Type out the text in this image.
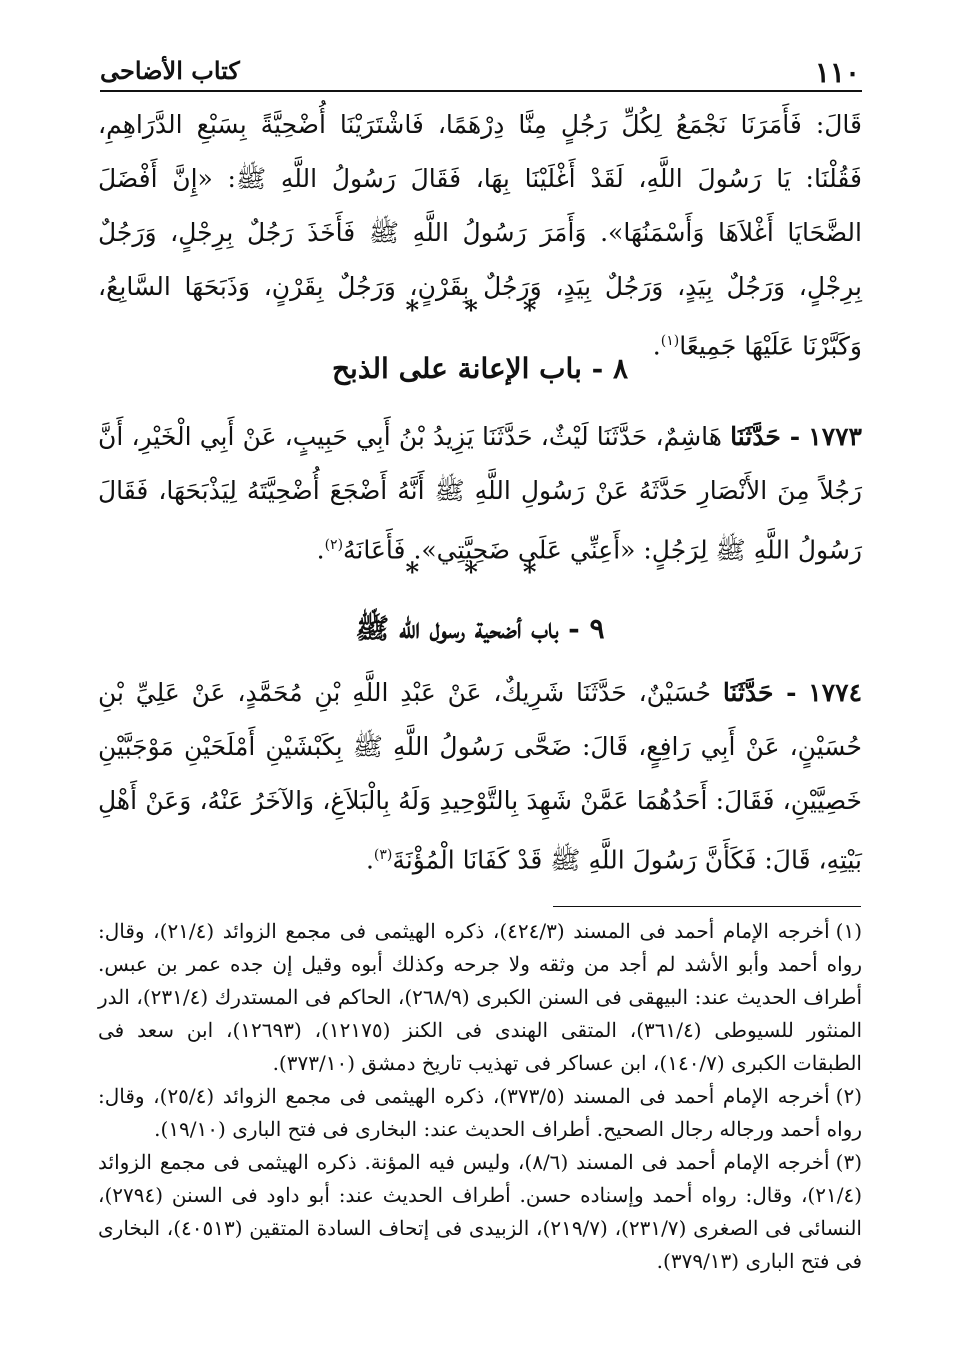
١١٠
كتاب الأضاحى
قَالَ: فَأَمَرَنَا نَجْمَعُ لِكُلِّ رَجُلٍ مِنَّا دِرْهَمًا، فَاشْتَرَيْنَا أُضْحِيَّةً بِسَبْعِ الدَّرَاهِمِ، فَقُلْنَا: يَا رَسُولَ اللَّهِ، لَقَدْ أَغْلَيْنَا بِهَا، فَقَالَ رَسُولُ اللَّهِ ﷺ: «إِنَّ أَفْضَلَ الضَّحَايَا أَغْلاَهَا وَأَسْمَنُهَا». وَأَمَرَ رَسُولُ اللَّهِ ﷺ فَأَخَذَ رَجُلٌ بِرِجْلٍ، وَرَجُلٌ بِرِجْلٍ، وَرَجُلٌ بِيَدٍ، وَرَجُلٌ بِيَدٍ، وَرَجُلٌ بِقَرْنٍ، وَرَجُلٌ بِقَرْنٍ، وَذَبَحَهَا السَّابِعُ، وَكَبَّرْنَا عَلَيْهَا جَمِيعًا$^{(١)}$.
* * *
٨ - باب الإعانة على الذبح
١٧٧٣ - حَدَّثَنَا هَاشِمٌ، حَدَّثَنَا لَيْثٌ، حَدَّثَنَا يَزِيدُ بْنُ أَبِي حَبِيبٍ، عَنْ أَبِي الْخَيْرِ، أَنَّ رَجُلاً مِنَ الأَنْصَارِ حَدَّثَهُ عَنْ رَسُولِ اللَّهِ ﷺ أَنَّهُ أَضْجَعَ أُضْحِيَّتَهُ لِيَذْبَحَهَا، فَقَالَ رَسُولُ اللَّهِ ﷺ لِرَجُلٍ: «أَعِنِّي عَلَى ضَحِيَّتِي». فَأَعَانَهُ$^{(٢)}$.
* * *
٩ - باب أضحية رسول الله ﷺ
١٧٧٤ - حَدَّثَنَا حُسَيْنٌ، حَدَّثَنَا شَرِيكٌ، عَنْ عَبْدِ اللَّهِ بْنِ مُحَمَّدٍ، عَنْ عَلِيِّ بْنِ حُسَيْنٍ، عَنْ أَبِي رَافِعٍ، قَالَ: ضَحَّى رَسُولُ اللَّهِ ﷺ بِكَبْشَيْنِ أَمْلَحَيْنِ مَوْجَبَّيْنِ خَصِيَّيْنِ، فَقَالَ: أَحَدُهُمَا عَمَّنْ شَهِدَ بِالتَّوْحِيدِ وَلَهُ بِالْبَلاَغِ، وَالآخَرُ عَنْهُ، وَعَنْ أَهْلِ بَيْتِهِ، قَالَ: فَكَأَنَّ رَسُولَ اللَّهِ ﷺ قَدْ كَفَانَا الْمُؤْنَةَ$^{(٣)}$.

(١)أخرجه الإمام أحمد فى المسند (٤٢٤/٣)، ذكره الهيثمى فى مجمع الزوائد (٢١/٤)، وقال: رواه أحمد وأبو الأشد لم أجد من وثقه ولا جرحه وكذلك أبوه وقيل إن جده عمر بن عبس. أطراف الحديث عند: البيهقى فى السنن الكبرى (٢٦٨/٩)، الحاكم فى المستدرك (٢٣١/٤)، الدر المنثور للسيوطى (٣٦١/٤)، المتقى الهندى فى الكنز (١٢١٧٥)، (١٢٦٩٣)، ابن سعد فى الطبقات الكبرى (١٤٠/٧)، ابن عساكر فى تهذيب تاريخ دمشق (٣٧٣/١٠).

(٢)أخرجه الإمام أحمد فى المسند (٣٧٣/٥)، ذكره الهيثمى فى مجمع الزوائد (٢٥/٤)، وقال: رواه أحمد ورجاله رجال الصحيح. أطراف الحديث عند: البخارى فى فتح البارى (١٩/١٠).

(٣)أخرجه الإمام أحمد فى المسند (٨/٦)، وليس فيه المؤنة. ذكره الهيثمى فى مجمع الزوائد (٢١/٤)، وقال: رواه أحمد وإسناده حسن. أطراف الحديث عند: أبو داود فى السنن (٢٧٩٤)، النسائى فى الصغرى (٢٣١/٧)، (٢١٩/٧)، الزبيدى فى إتحاف السادة المتقين (٤٠٥١٣)، البخارى فى فتح البارى (٣٧٩/١٣).
